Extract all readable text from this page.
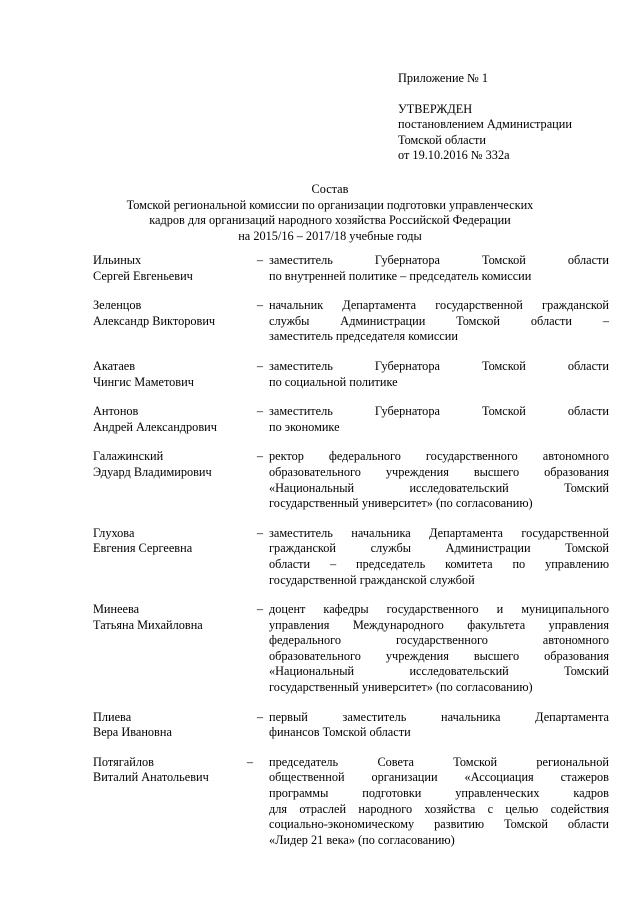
Приложение № 1
УТВЕРЖДЕН
постановлением Администрации
Томской области
от 19.10.2016 № 332а
Состав
Томской региональной комиссии по организации подготовки управленческих
кадров для организаций народного хозяйства Российской Федерации
на 2015/16 – 2017/18 учебные годы
Ильиных
Сергей Евгеньевич
– заместитель Губернатора Томской области
по внутренней политике – председатель комиссии
Зеленцов
Александр Викторович
– начальник Департамента государственной гражданской
службы Администрации Томской области –
заместитель председателя комиссии
Акатаев
Чингис Маметович
– заместитель Губернатора Томской области
по социальной политике
Антонов
Андрей Александрович
– заместитель Губернатора Томской области
по экономике
Галажинский
Эдуард Владимирович
– ректор федерального государственного автономного
образовательного учреждения высшего образования
«Национальный исследовательский Томский
государственный университет» (по согласованию)
Глухова
Евгения Сергеевна
– заместитель начальника Департамента государственной
гражданской службы Администрации Томской
области – председатель комитета по управлению
государственной гражданской службой
Минеева
Татьяна Михайловна
– доцент кафедры государственного и муниципального
управления Международного факультета управления
федерального государственного автономного
образовательного учреждения высшего образования
«Национальный исследовательский Томский
государственный университет» (по согласованию)
Плиева
Вера Ивановна
– первый заместитель начальника Департамента
финансов Томской области
Потягайлов
Виталий Анатольевич
– председатель Совета Томской региональной
общественной организации «Ассоциация стажеров
программы подготовки управленческих кадров
для отраслей народного хозяйства с целью содействия
социально-экономическому развитию Томской области
«Лидер 21 века» (по согласованию)
